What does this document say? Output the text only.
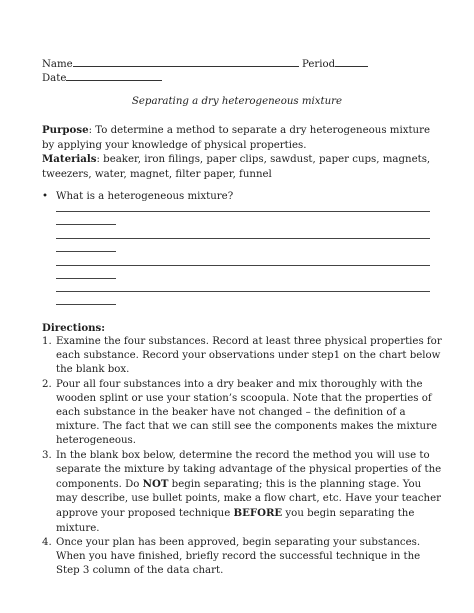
Name	Period
Date
Separating a dry heterogeneous mixture
Purpose: To determine a method to separate a dry heterogeneous mixture by applying your knowledge of physical properties.
Materials: beaker, iron filings, paper clips, sawdust, paper cups, magnets, tweezers, water, magnet, filter paper, funnel
• What is a heterogeneous mixture?
Directions:
1. Examine the four substances. Record at least three physical properties for each substance. Record your observations under step1 on the chart below the blank box.
2. Pour all four substances into a dry beaker and mix thoroughly with the wooden splint or use your station’s scoopula. Note that the properties of each substance in the beaker have not changed – the definition of a mixture. The fact that we can still see the components makes the mixture heterogeneous.
3. In the blank box below, determine the record the method you will use to separate the mixture by taking advantage of the physical properties of the components. Do NOT begin separating; this is the planning stage. You may describe, use bullet points, make a flow chart, etc. Have your teacher approve your proposed technique BEFORE you begin separating the mixture.
4. Once your plan has been approved, begin separating your substances. When you have finished, briefly record the successful technique in the Step 3 column of the data chart.
